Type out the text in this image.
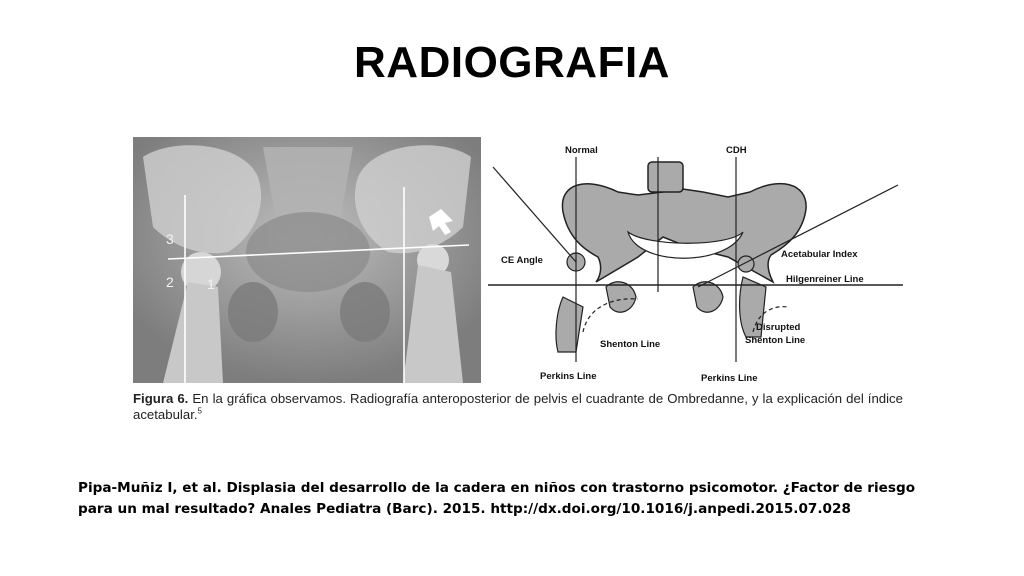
RADIOGRAFIA
3
2 1
Normal	CDH
CE Angle
Acetabular Index
Hilgenreiner Line
Shenton Line
Disrupted
Shenton Line
Perkins Line	Perkins Line
Figura 6. En la gráfica observamos. Radiografía anteroposterior de pelvis el cuadrante de Ombredanne, y la explicación del índice acetabular.$^5$
Pipa-Muñiz I, et al. Displasia del desarrollo de la cadera en niños con trastorno psicomotor. ¿Factor de riesgo para un mal resultado? Anales Pediatra (Barc). 2015. http://dx.doi.org/10.1016/j.anpedi.2015.07.028
